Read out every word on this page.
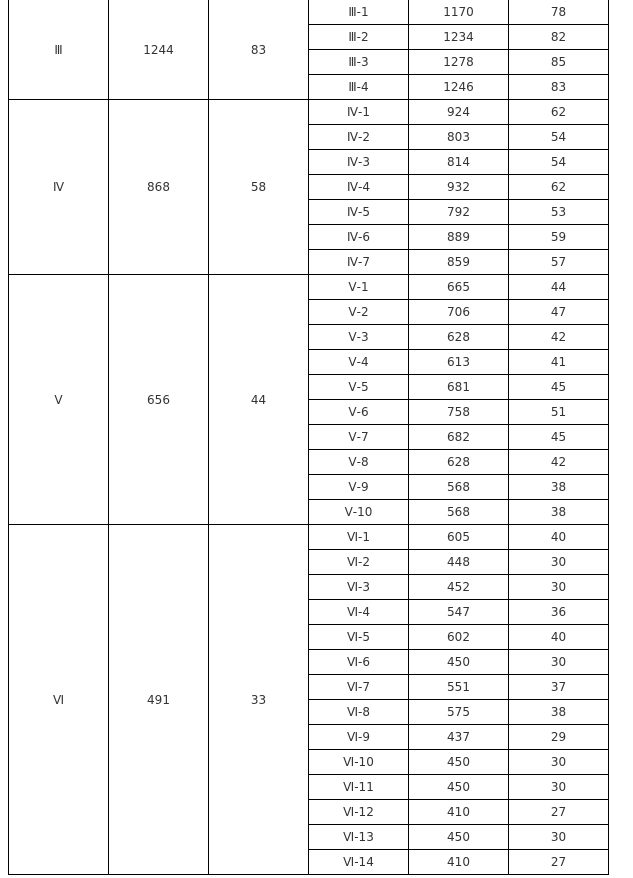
Ⅲ	1244	83	Ⅲ-1	1170	78
			Ⅲ-2	1234	82
			Ⅲ-3	1278	85
			Ⅲ-4	1246	83
Ⅳ	868	58	Ⅳ-1	924	62
			Ⅳ-2	803	54
			Ⅳ-3	814	54
			Ⅳ-4	932	62
			Ⅳ-5	792	53
			Ⅳ-6	889	59
			Ⅳ-7	859	57
Ⅴ	656	44	Ⅴ-1	665	44
			Ⅴ-2	706	47
			Ⅴ-3	628	42
			Ⅴ-4	613	41
			Ⅴ-5	681	45
			Ⅴ-6	758	51
			Ⅴ-7	682	45
			Ⅴ-8	628	42
			Ⅴ-9	568	38
			Ⅴ-10	568	38
Ⅵ	491	33	Ⅵ-1	605	40
			Ⅵ-2	448	30
			Ⅵ-3	452	30
			Ⅵ-4	547	36
			Ⅵ-5	602	40
			Ⅵ-6	450	30
			Ⅵ-7	551	37
			Ⅵ-8	575	38
			Ⅵ-9	437	29
			Ⅵ-10	450	30
			Ⅵ-11	450	30
			Ⅵ-12	410	27
			Ⅵ-13	450	30
			Ⅵ-14	410	27
